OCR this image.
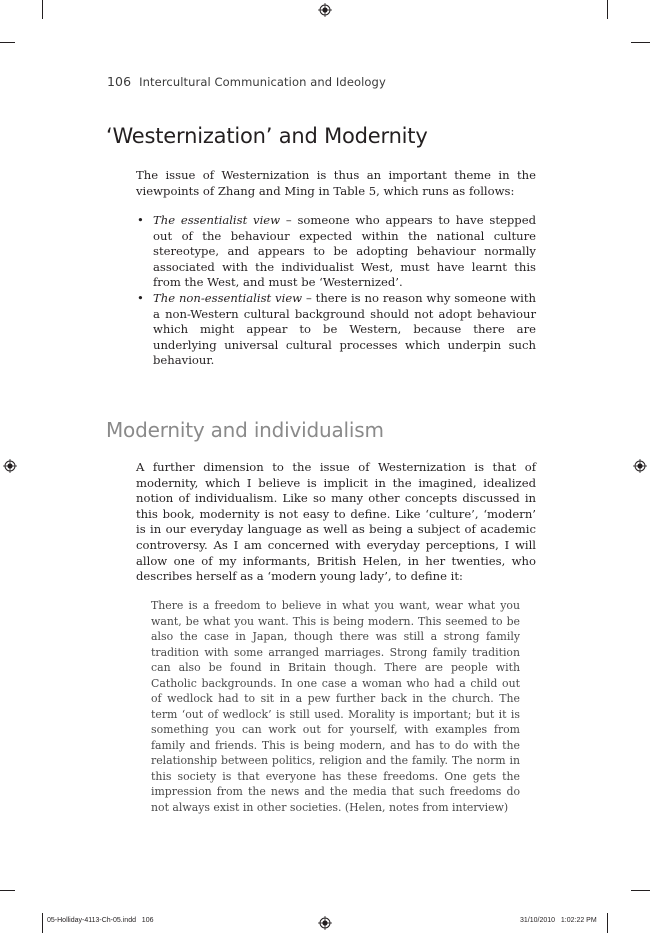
106 Intercultural Communication and Ideology
‘Westernization’ and Modernity

The issue of Westernization is thus an important theme in the viewpoints of Zhang and Ming in Table 5, which runs as follows:

• The essentialist view – someone who appears to have stepped out of the behaviour expected within the national culture stereotype, and appears to be adopting behaviour normally associated with the individualist West, must have learnt this from the West, and must be ‘Westernized’.
• The non-essentialist view – there is no reason why someone with a non-Western cultural background should not adopt behaviour which might appear to be Western, because there are underlying universal cultural processes which underpin such behaviour.
Modernity and individualism

A further dimension to the issue of Westernization is that of modernity, which I believe is implicit in the imagined, idealized notion of individualism. Like so many other concepts discussed in this book, modernity is not easy to define. Like ‘culture’, ‘modern’ is in our everyday language as well as being a subject of academic controversy. As I am concerned with everyday perceptions, I will allow one of my informants, British Helen, in her twenties, who describes herself as a ‘modern young lady’, to define it:

There is a freedom to believe in what you want, wear what you want, be what you want. This is being modern. This seemed to be also the case in Japan, though there was still a strong family tradition with some arranged marriages. Strong family tradition can also be found in Britain though. There are people with Catholic backgrounds. In one case a woman who had a child out of wedlock had to sit in a pew further back in the church. The term ‘out of wedlock’ is still used. Morality is important; but it is something you can work out for yourself, with examples from family and friends. This is being modern, and has to do with the relationship between politics, religion and the family. The norm in this society is that everyone has these freedoms. One gets the impression from the news and the media that such freedoms do not always exist in other societies. (Helen, notes from interview)
05-Holliday-4113-Ch-05.indd   106	31/10/2010   1:02:22 PM
